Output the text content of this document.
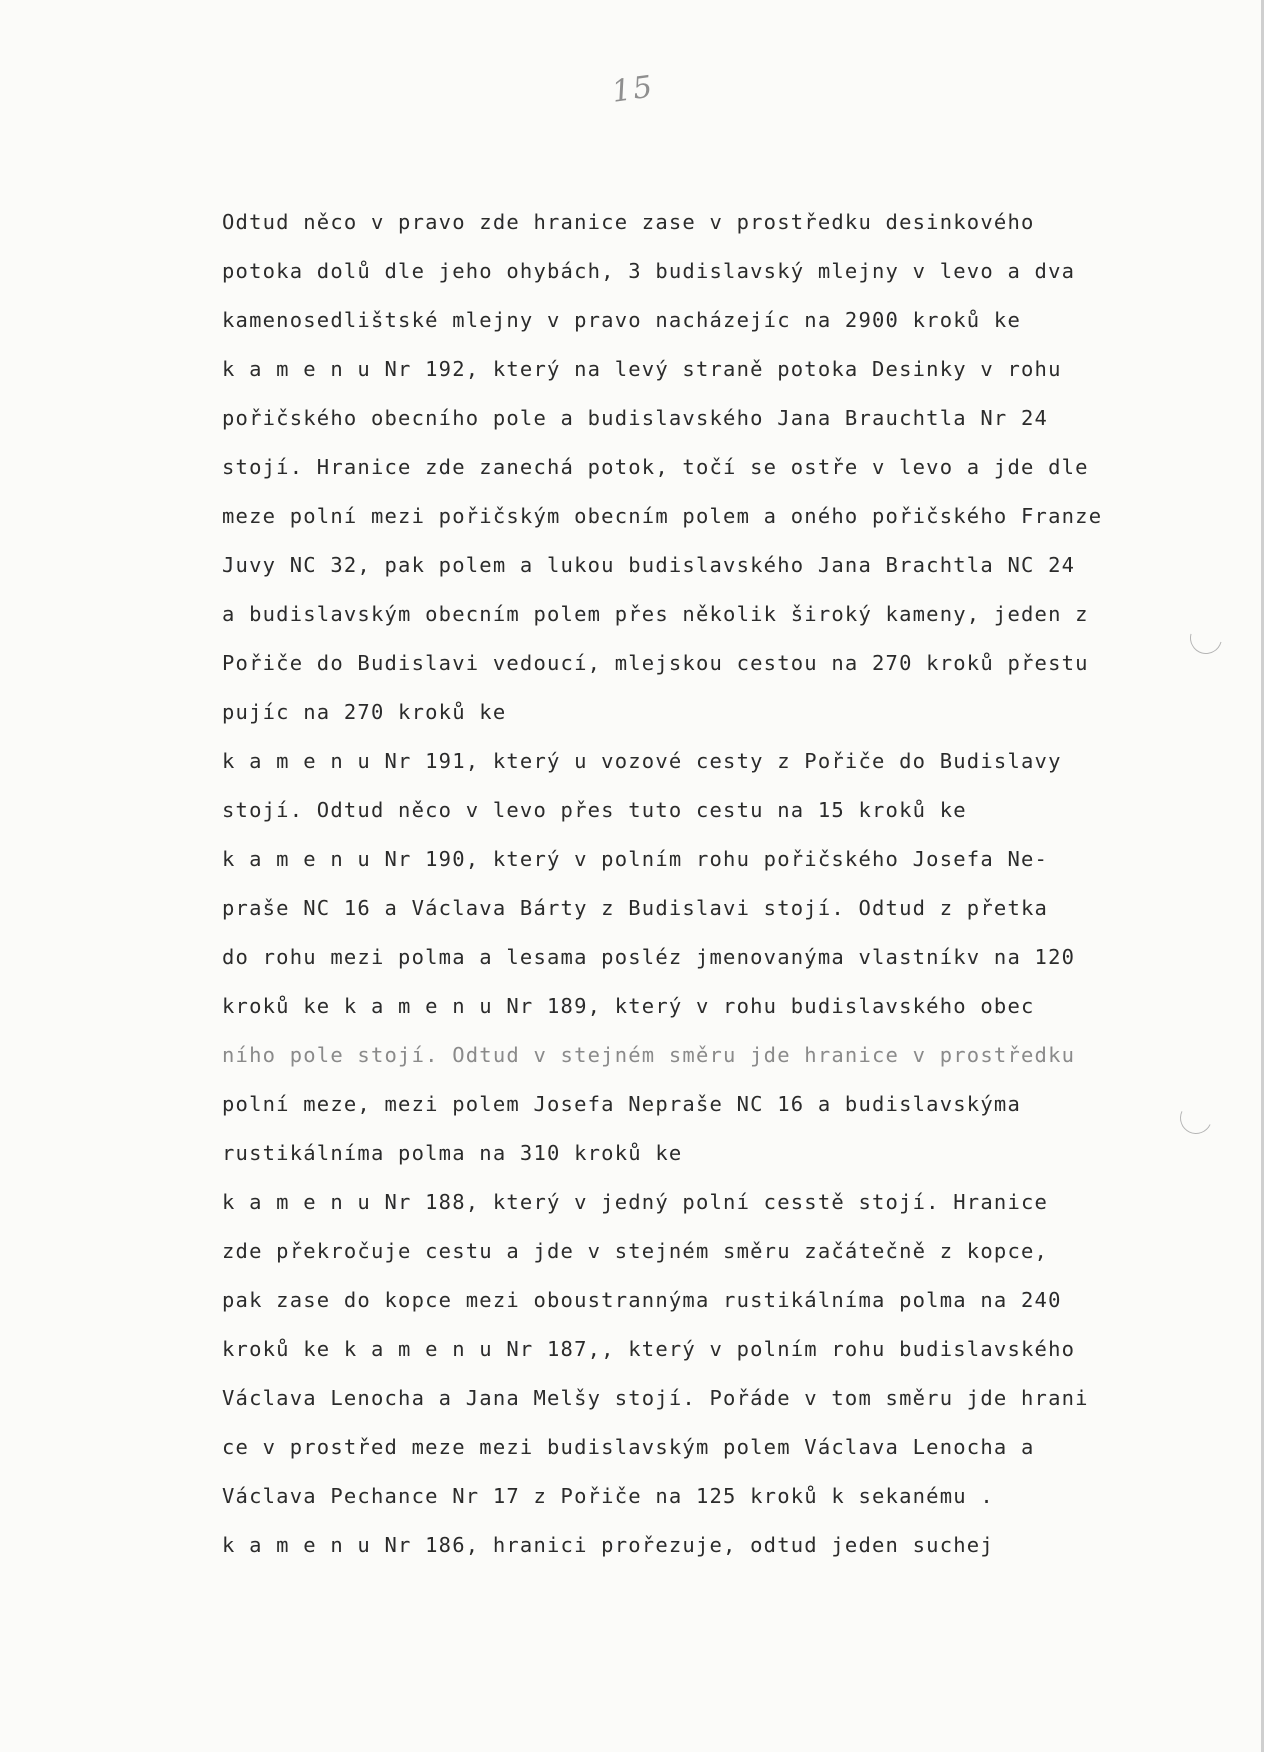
15
Odtud něco v pravo zde hranice zase v prostředku desinkového
potoka dolů dle jeho ohybách, 3 budislavský mlejny v levo a dva
kamenosedlištské mlejny v pravo nacházejíc na 2900 kroků ke
k a m e n u Nr 192, který na levý straně potoka Desinky v rohu
pořičského obecního pole a budislavského Jana Brauchtla Nr 24
stojí. Hranice zde zanechá potok, točí se ostře v levo a jde dle
meze polní mezi pořičským obecním polem a onéhо pořičského Franze
Juvy NC 32, pak polem a lukou budislavského Jana Brachtla NC 24
a budislavským obecním polem přes několik široký kameny, jeden z
Pořiče do Budislavi vedoucí, mlejskou cestou na 270 kroků přestu
pujíc na 270 kroků ke
k a m e n u Nr 191, který u vozové cesty z Pořiče do Budislavy
stojí. Odtud něco v levo přes tuto cestu na 15 kroků ke
k a m e n u Nr 190, který v polním rohu pořičského Josefa Ne-
praše NC 16 a Václava Bárty z Budislavi stojí. Odtud z přetka
do rohu mezi polma a lesama posléz jmenovanýma vlastníkv na 120
kroků ke k a m e n u Nr 189, který v rohu budislavského obec
ního pole stojí. Odtud v stejném směru jde hranice v prostředku
polní meze, mezi polem Josefa Nepraše NC 16 a budislavskýma
rustikálníma polma na 310 kroků ke
k a m e n u Nr 188, který v jedný polní cesstě stojí. Hranice
zde překročuje cestu a jde v stejném směru začátečně z kopce,
pak zase do kopce mezi oboustrannýma rustikálníma polma na 240
kroků ke k a m e n u Nr 187,, který v polním rohu budislavského
Václava Lenocha a Jana Melšy stojí. Pořáde v tom směru jde hrani
ce v prostřed meze mezi budislavským polem Václava Lenocha a
Václava Pechance Nr 17 z Pořiče na 125 kroků k sekanému .
k a m e n u Nr 186, hranici prořezuje, odtud jeden suchej
